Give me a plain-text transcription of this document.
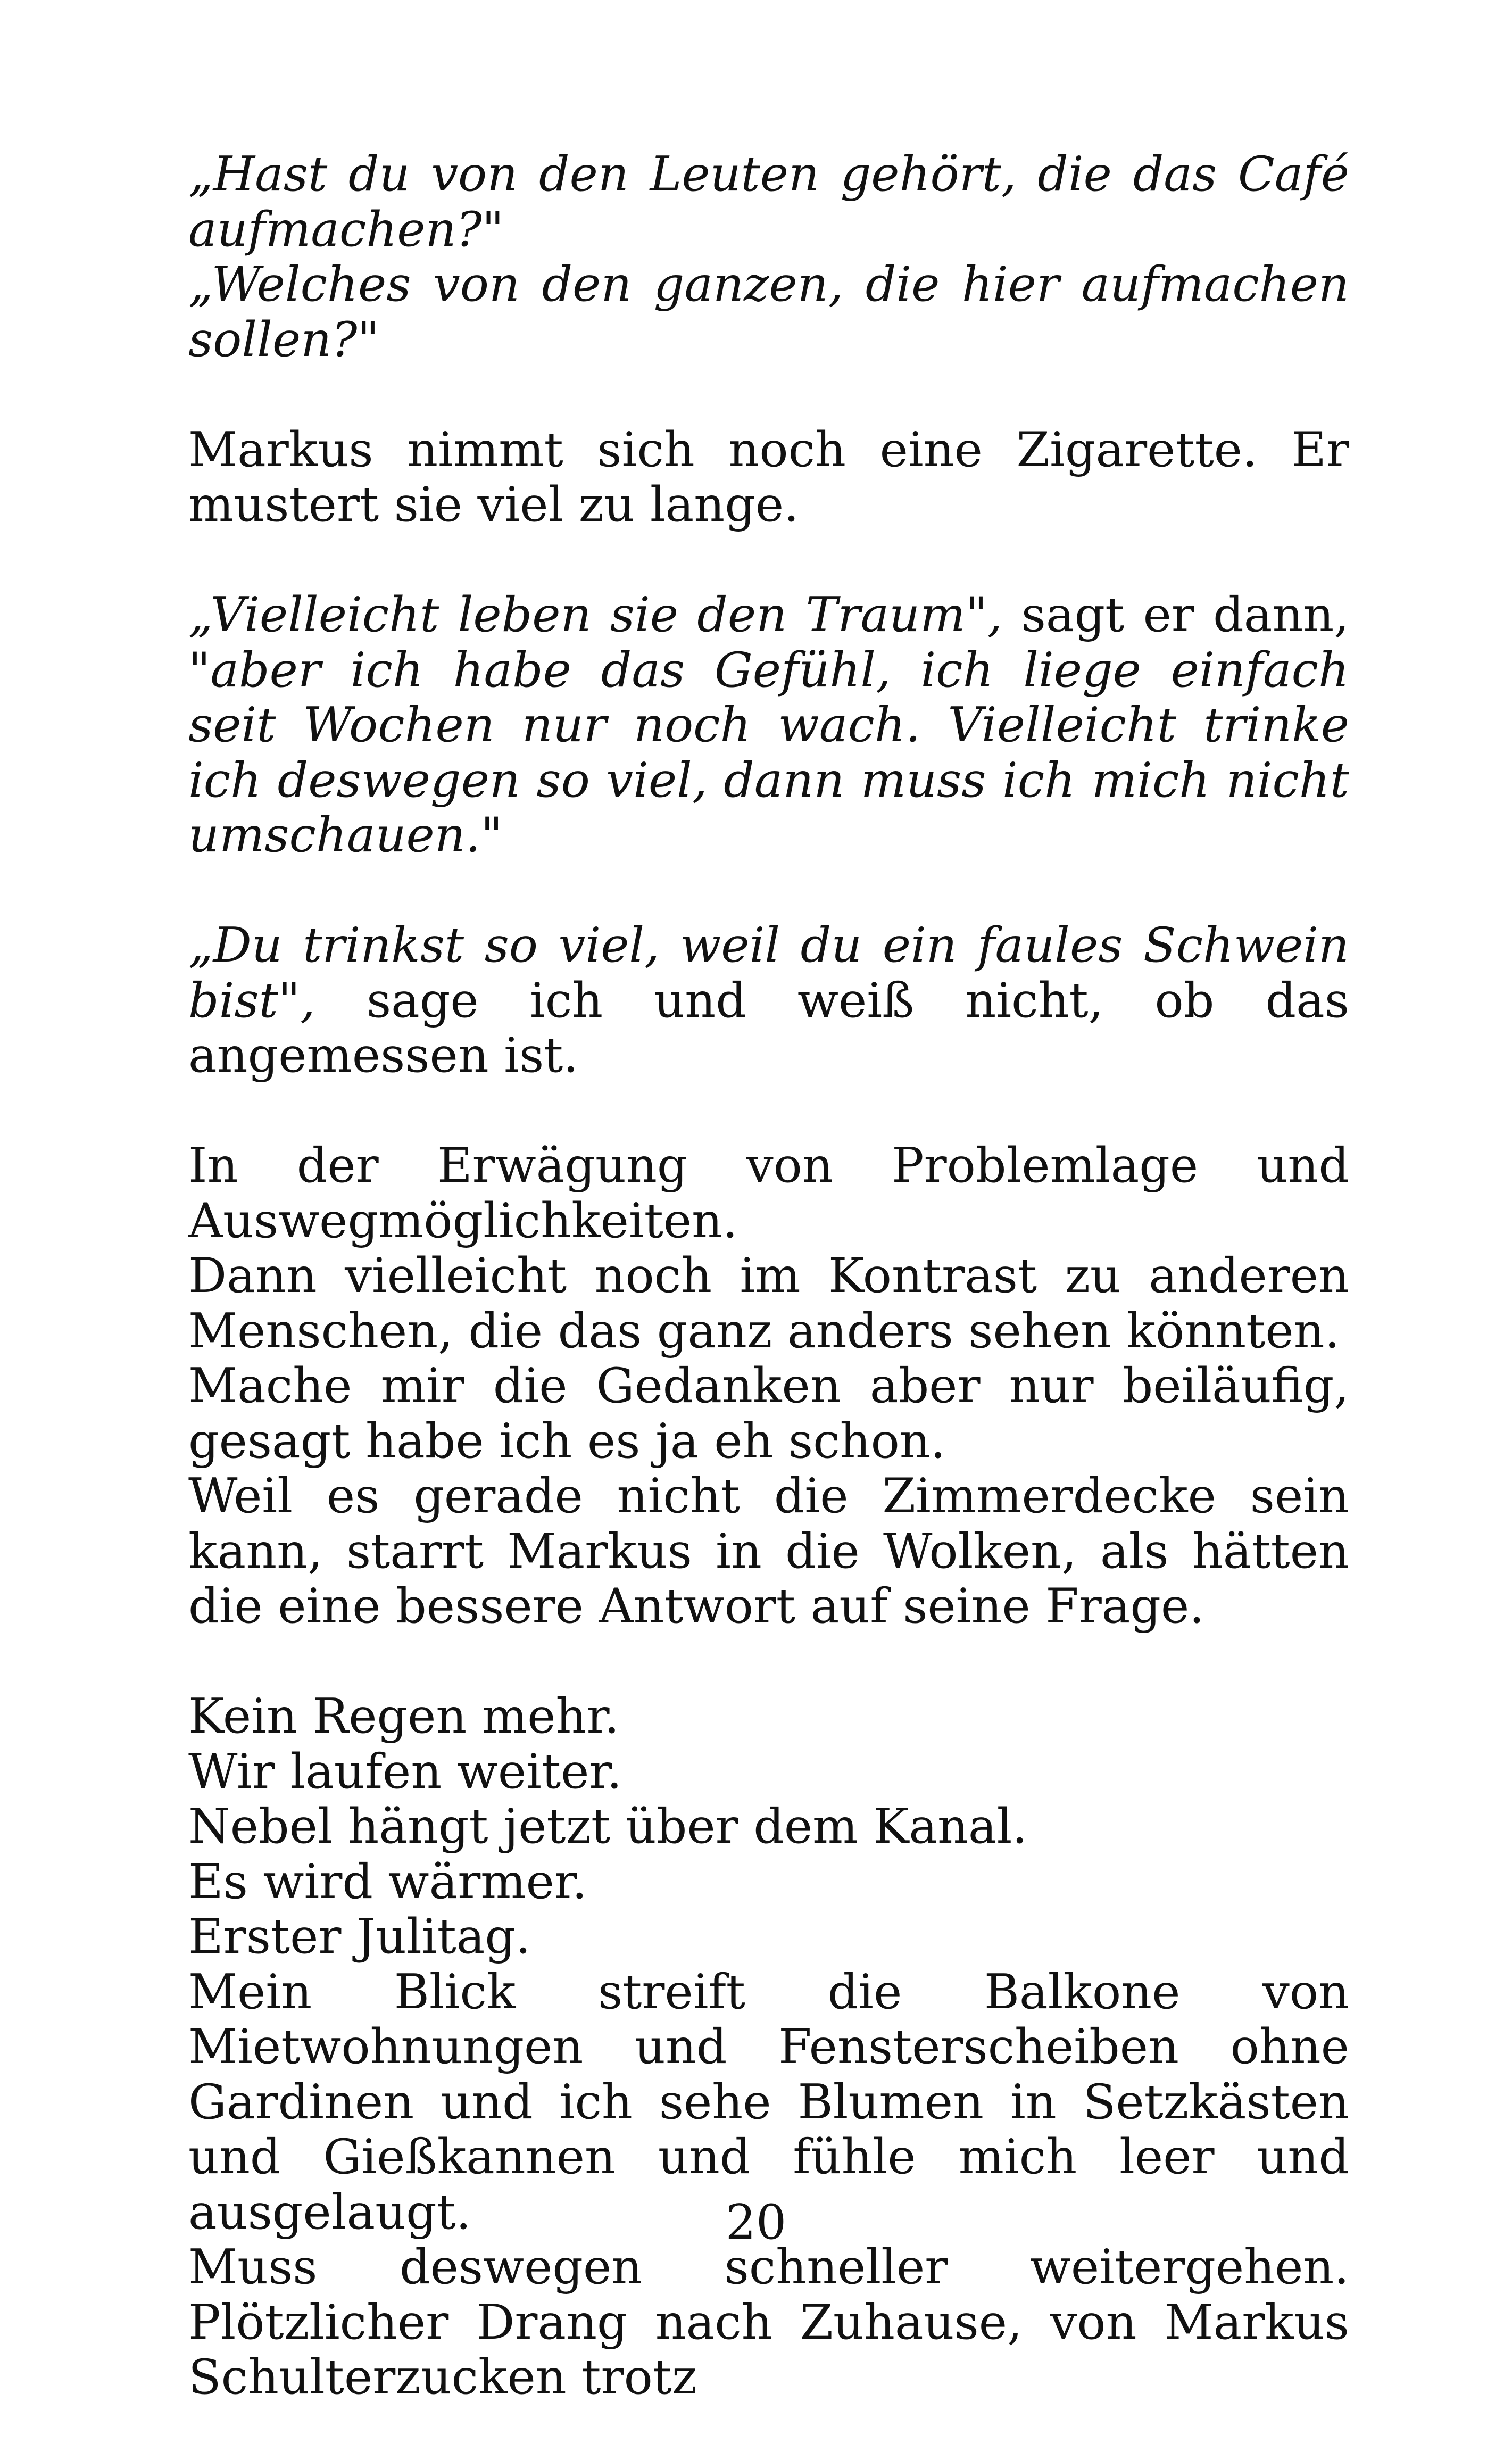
„Hast du von den Leuten gehört, die das Café aufmachen?"
„Welches von den ganzen, die hier aufmachen sollen?"

Markus nimmt sich noch eine Zigarette. Er mustert sie viel zu lange.

„Vielleicht leben sie den Traum", sagt er dann, "aber ich habe das Gefühl, ich liege einfach seit Wochen nur noch wach. Vielleicht trinke ich deswegen so viel, dann muss ich mich nicht umschauen."

„Du trinkst so viel, weil du ein faules Schwein bist", sage ich und weiß nicht, ob das angemessen ist.

In der Erwägung von Problemlage und Auswegmöglichkeiten.
Dann vielleicht noch im Kontrast zu anderen Menschen, die das ganz anders sehen könnten.
Mache mir die Gedanken aber nur beiläufig, gesagt habe ich es ja eh schon.
Weil es gerade nicht die Zimmerdecke sein kann, starrt Markus in die Wolken, als hätten die eine bessere Antwort auf seine Frage.

Kein Regen mehr.
Wir laufen weiter.
Nebel hängt jetzt über dem Kanal.
Es wird wärmer.
Erster Julitag.
Mein Blick streift die Balkone von Mietwohnungen und Fensterscheiben ohne Gardinen und ich sehe Blumen in Setzkästen und Gießkannen und fühle mich leer und ausgelaugt.
Muss deswegen schneller weitergehen. Plötzlicher Drang nach Zuhause, von Markus Schulterzucken trotz

20
